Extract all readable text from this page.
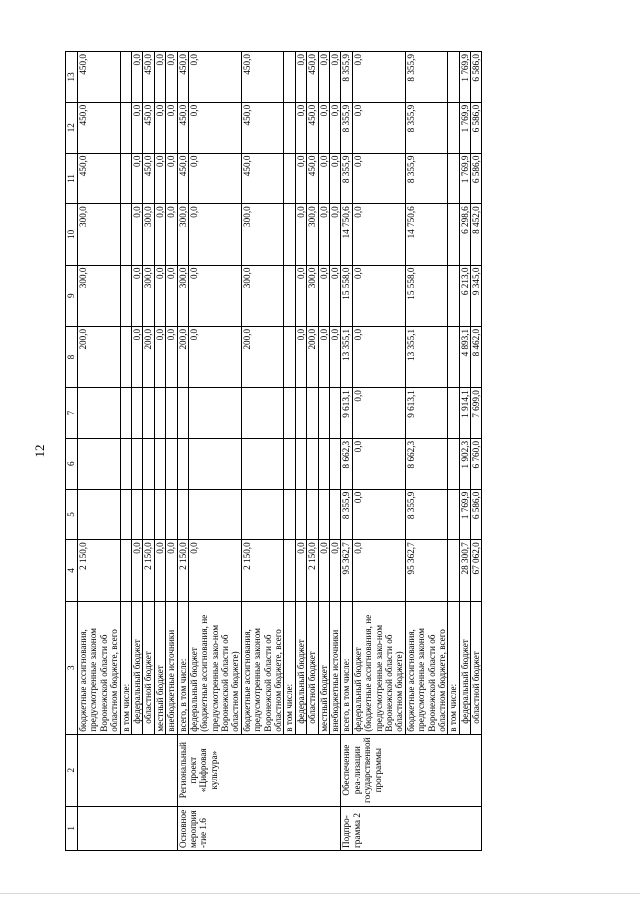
12
1	2	3	4	5	6	7	8	9	10	11	12	13
		бюджетные ассигнования, предусмотренные законом Воронежской области об областном бюджете, всего	2 150,0				200,0	300,0	300,0	450,0	450,0	450,0
		в том числе:										
		федеральный бюджет	0,0				0,0	0,0	0,0	0,0	0,0	0,0
		областной бюджет	2 150,0				200,0	300,0	300,0	450,0	450,0	450,0
		местный бюджет	0,0				0,0	0,0	0,0	0,0	0,0	0,0
		внебюджетные источники	0,0				0,0	0,0	0,0	0,0	0,0	0,0
Основное мероприя-тие 1.6	Региональный проект «Цифровая культура»	всего, в том числе:	2 150,0				200,0	300,0	300,0	450,0	450,0	450,0
		федеральный бюджет (бюджетные ассигнования, не предусмотренные зако-ном Воронежской области об областном бюджете)	0,0				0,0	0,0	0,0	0,0	0,0	0,0
		бюджетные ассигнования, предусмотренные законом Воронежской области об областном бюджете, всего	2 150,0				200,0	300,0	300,0	450,0	450,0	450,0
		в том числе:										
		федеральный бюджет	0,0				0,0	0,0	0,0	0,0	0,0	0,0
		областной бюджет	2 150,0				200,0	300,0	300,0	450,0	450,0	450,0
		местный бюджет	0,0				0,0	0,0	0,0	0,0	0,0	0,0
		внебюджетные источники	0,0				0,0	0,0	0,0	0,0	0,0	0,0
Подпро-грамма 2	Обеспечение реа-лизации государственной программы	всего, в том числе:	95 362,7	8 355,9	8 662,3	9 613,1	13 355,1	15 558,0	14 750,6	8 355,9	8 355,9	8 355,9
		федеральный бюджет (бюджетные ассигнования, не предусмотренные зако-ном Воронежской области об областном бюджете)	0,0	0,0	0,0	0,0	0,0	0,0	0,0	0,0	0,0	0,0
		бюджетные ассигнования, предусмотренные законом Воронежской области об областном бюджете, всего	95 362,7	8 355,9	8 662,3	9 613,1	13 355,1	15 558,0	14 750,6	8 355,9	8 355,9	8 355,9
		в том числе:										
		федеральный бюджет	28 300,7	1 769,9	1 902,3	1 914,1	4 893,1	6 213,0	6 298,6	1 769,9	1 769,9	1 769,9
		областной бюджет	67 062,0	6 586,0	6 760,0	7 699,0	8 462,0	9 345,0	8 452,0	6 586,0	6 586,0	6 586,0
